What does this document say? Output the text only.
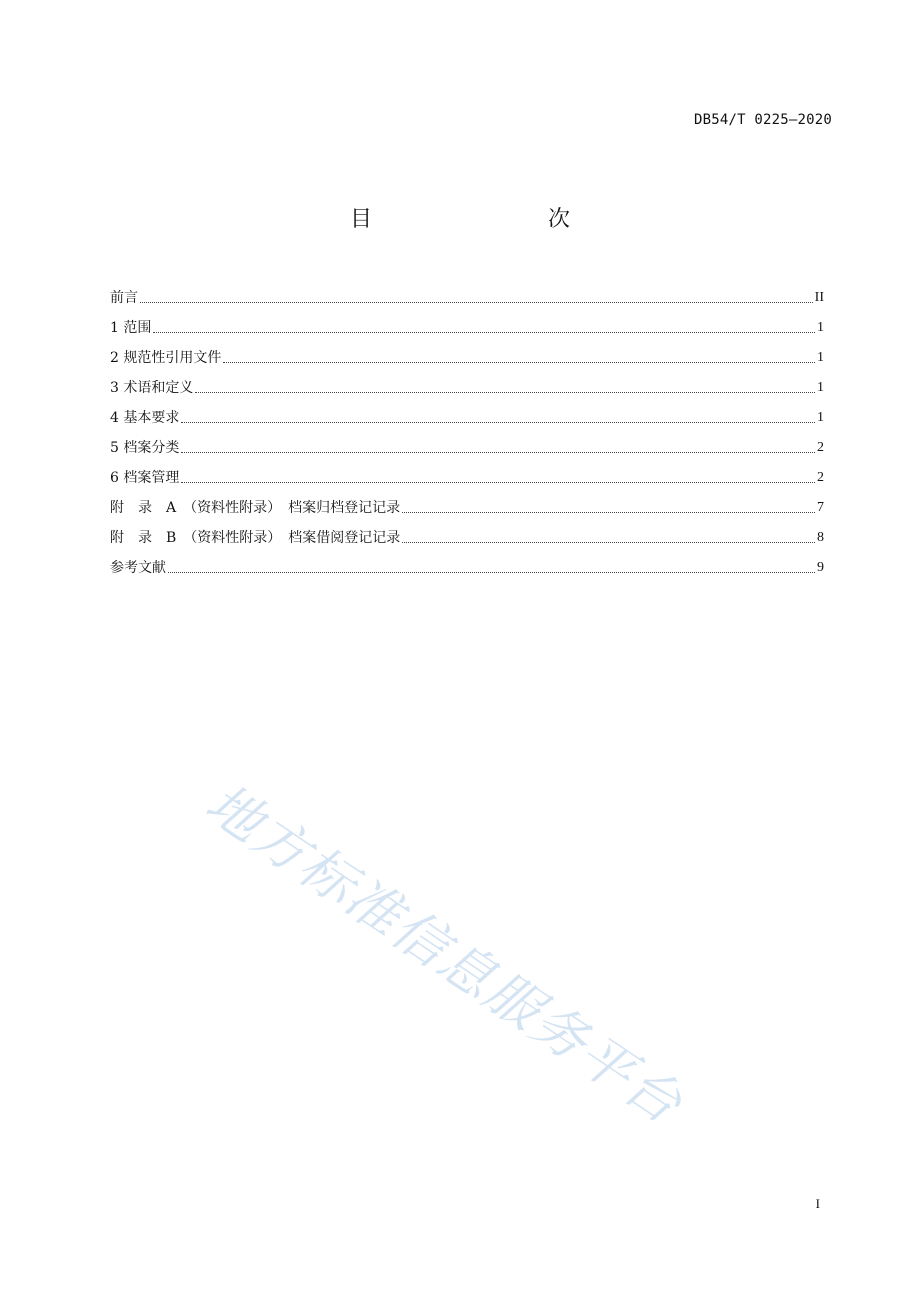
DB54/T 0225—2020
目　　次
前言	II
1 范围	1
2 规范性引用文件	1
3 术语和定义	1
4 基本要求	1
5 档案分类	2
6 档案管理	2
附　录　A　（资料性附录）　档案归档登记记录	7
附　录　B　（资料性附录）　档案借阅登记记录	8
参考文献	9
地方标准信息服务平台
I
